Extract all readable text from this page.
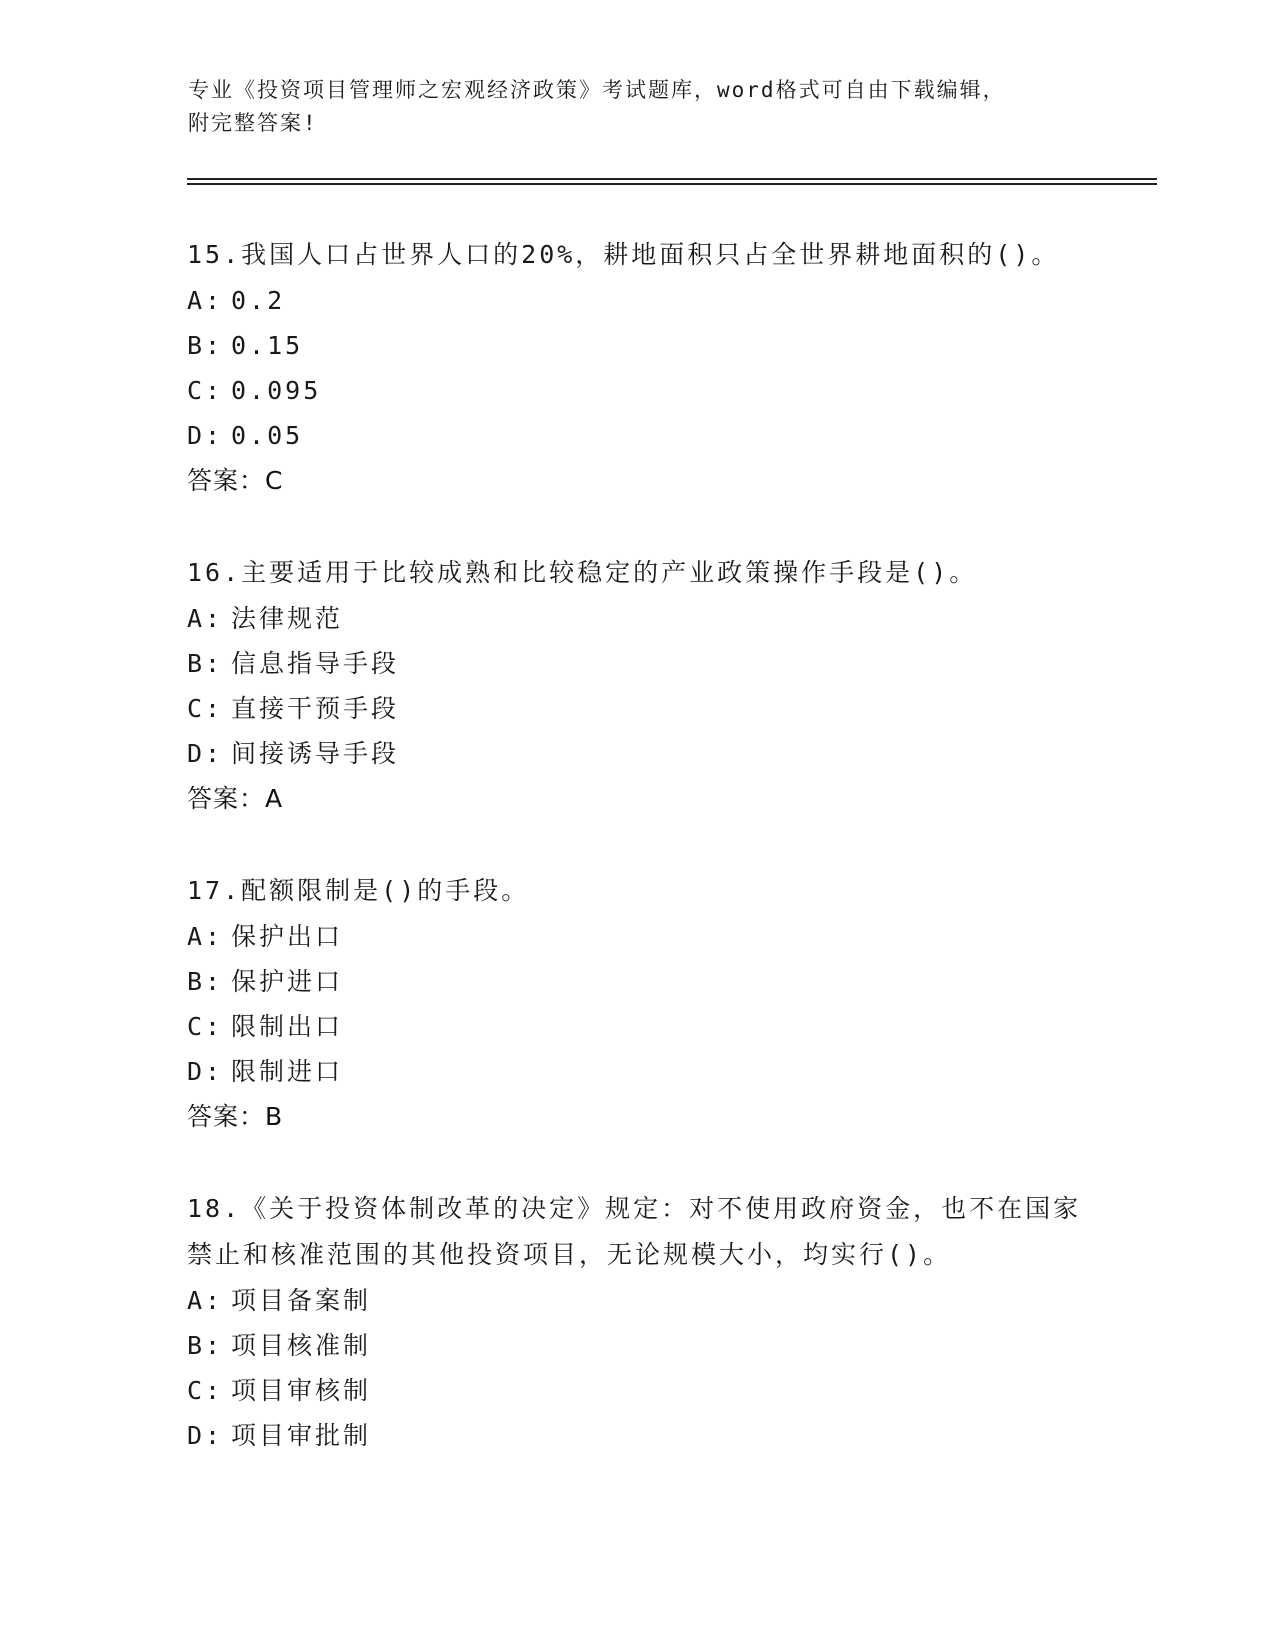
专业《投资项目管理师之宏观经济政策》考试题库，word格式可自由下载编辑，
附完整答案!
15.我国人口占世界人口的20%，耕地面积只占全世界耕地面积的()。
A: 0.2
B: 0.15
C: 0.095
D: 0.05
答案：C
16.主要适用于比较成熟和比较稳定的产业政策操作手段是()。
A: 法律规范
B: 信息指导手段
C: 直接干预手段
D: 间接诱导手段
答案：A
17.配额限制是()的手段。
A: 保护出口
B: 保护进口
C: 限制出口
D: 限制进口
答案：B
18.《关于投资体制改革的决定》规定：对不使用政府资金，也不在国家禁止和核准范围的其他投资项目，无论规模大小，均实行()。
A: 项目备案制
B: 项目核准制
C: 项目审核制
D: 项目审批制
